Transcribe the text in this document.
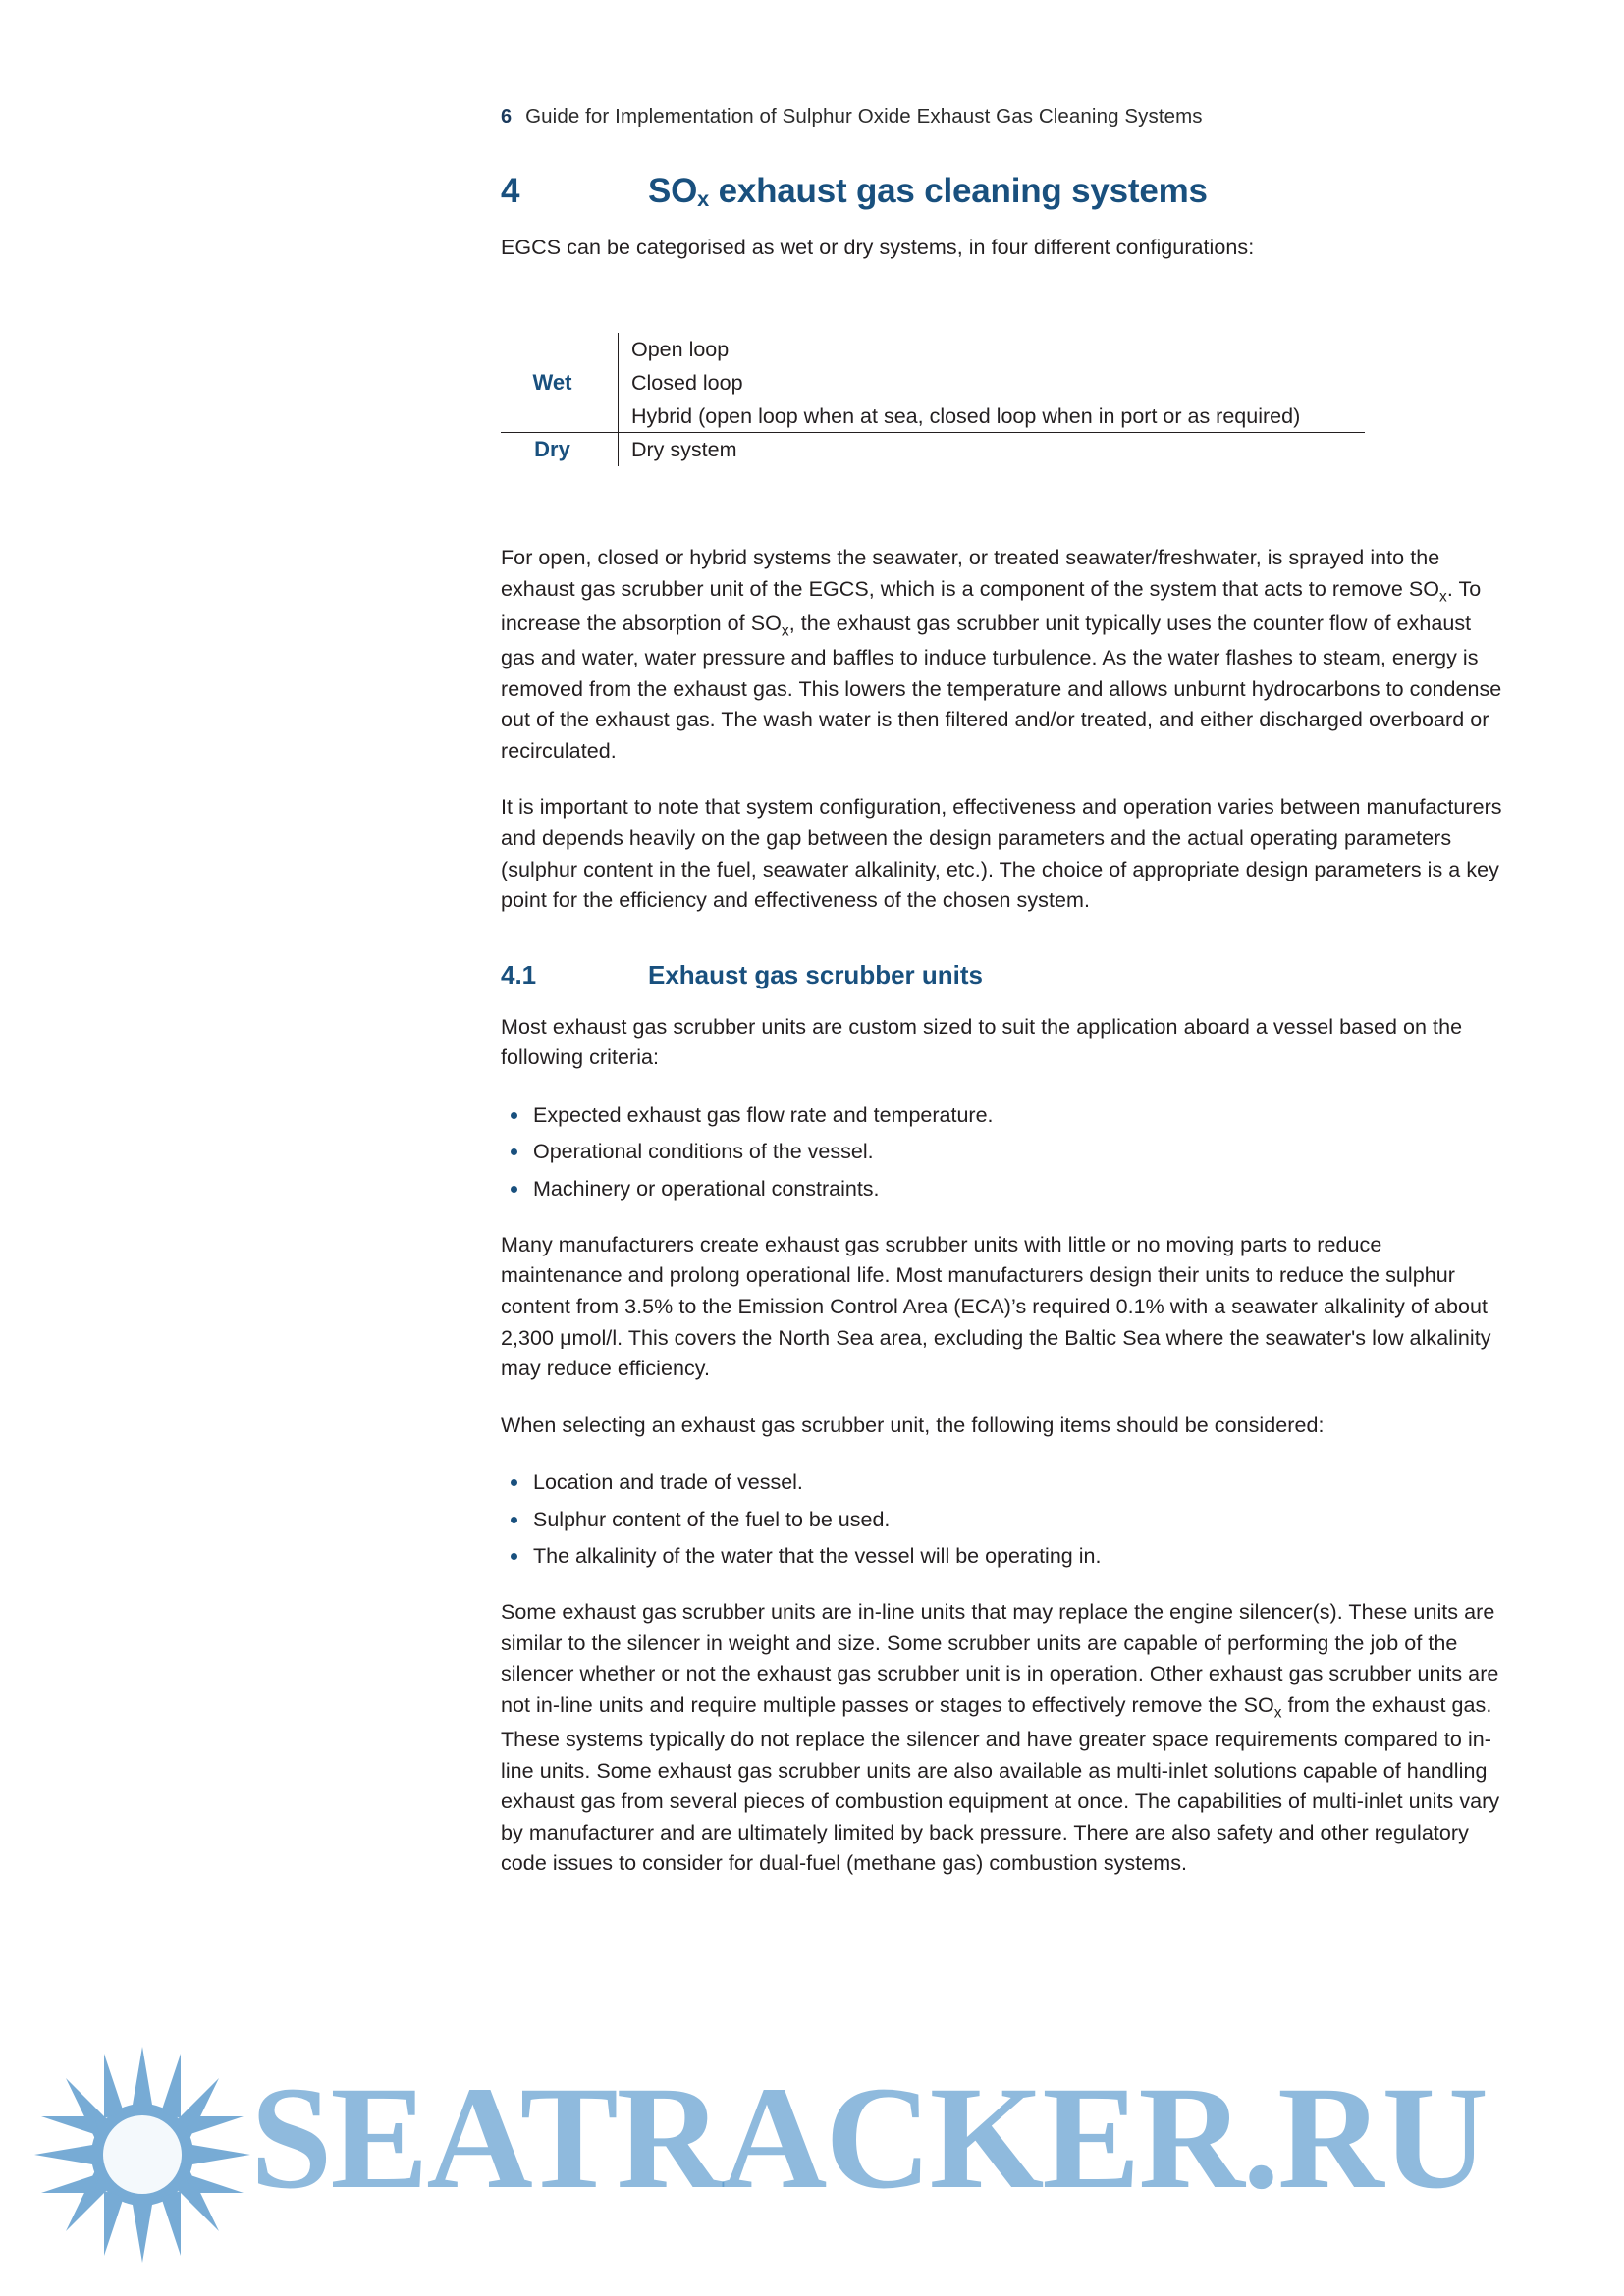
6 Guide for Implementation of Sulphur Oxide Exhaust Gas Cleaning Systems
4	SOx exhaust gas cleaning systems

EGCS can be categorised as wet or dry systems, in four different configurations:

Wet	Open loop
Closed loop
Hybrid (open loop when at sea, closed loop when in port or as required)

Dry	Dry system

For open, closed or hybrid systems the seawater, or treated seawater/freshwater, is sprayed into the exhaust gas scrubber unit of the EGCS, which is a component of the system that acts to remove $SO_x$. To increase the absorption of $SO_x$, the exhaust gas scrubber unit typically uses the counter flow of exhaust gas and water, water pressure and baffles to induce turbulence. As the water flashes to steam, energy is removed from the exhaust gas. This lowers the temperature and allows unburnt hydrocarbons to condense out of the exhaust gas. The wash water is then filtered and/or treated, and either discharged overboard or recirculated.

It is important to note that system configuration, effectiveness and operation varies between manufacturers and depends heavily on the gap between the design parameters and the actual operating parameters (sulphur content in the fuel, seawater alkalinity, etc.). The choice of appropriate design parameters is a key point for the efficiency and effectiveness of the chosen system.

4.1	Exhaust gas scrubber units

Most exhaust gas scrubber units are custom sized to suit the application aboard a vessel based on the following criteria:

Expected exhaust gas flow rate and temperature.
Operational conditions of the vessel.
Machinery or operational constraints.

Many manufacturers create exhaust gas scrubber units with little or no moving parts to reduce maintenance and prolong operational life. Most manufacturers design their units to reduce the sulphur content from 3.5% to the Emission Control Area (ECA)’s required 0.1% with a seawater alkalinity of about 2,300 μmol/l. This covers the North Sea area, excluding the Baltic Sea where the seawater's low alkalinity may reduce efficiency.

When selecting an exhaust gas scrubber unit, the following items should be considered:

Location and trade of vessel.
Sulphur content of the fuel to be used.
The alkalinity of the water that the vessel will be operating in.

Some exhaust gas scrubber units are in-line units that may replace the engine silencer(s). These units are similar to the silencer in weight and size. Some scrubber units are capable of performing the job of the silencer whether or not the exhaust gas scrubber unit is in operation. Other exhaust gas scrubber units are not in-line units and require multiple passes or stages to effectively remove the $SO_x$ from the exhaust gas. These systems typically do not replace the silencer and have greater space requirements compared to in-line units. Some exhaust gas scrubber units are also available as multi-inlet solutions capable of handling exhaust gas from several pieces of combustion equipment at once. The capabilities of multi-inlet units vary by manufacturer and are ultimately limited by back pressure. There are also safety and other regulatory code issues to consider for dual-fuel (methane gas) combustion systems.

SEATRACKER.RU
